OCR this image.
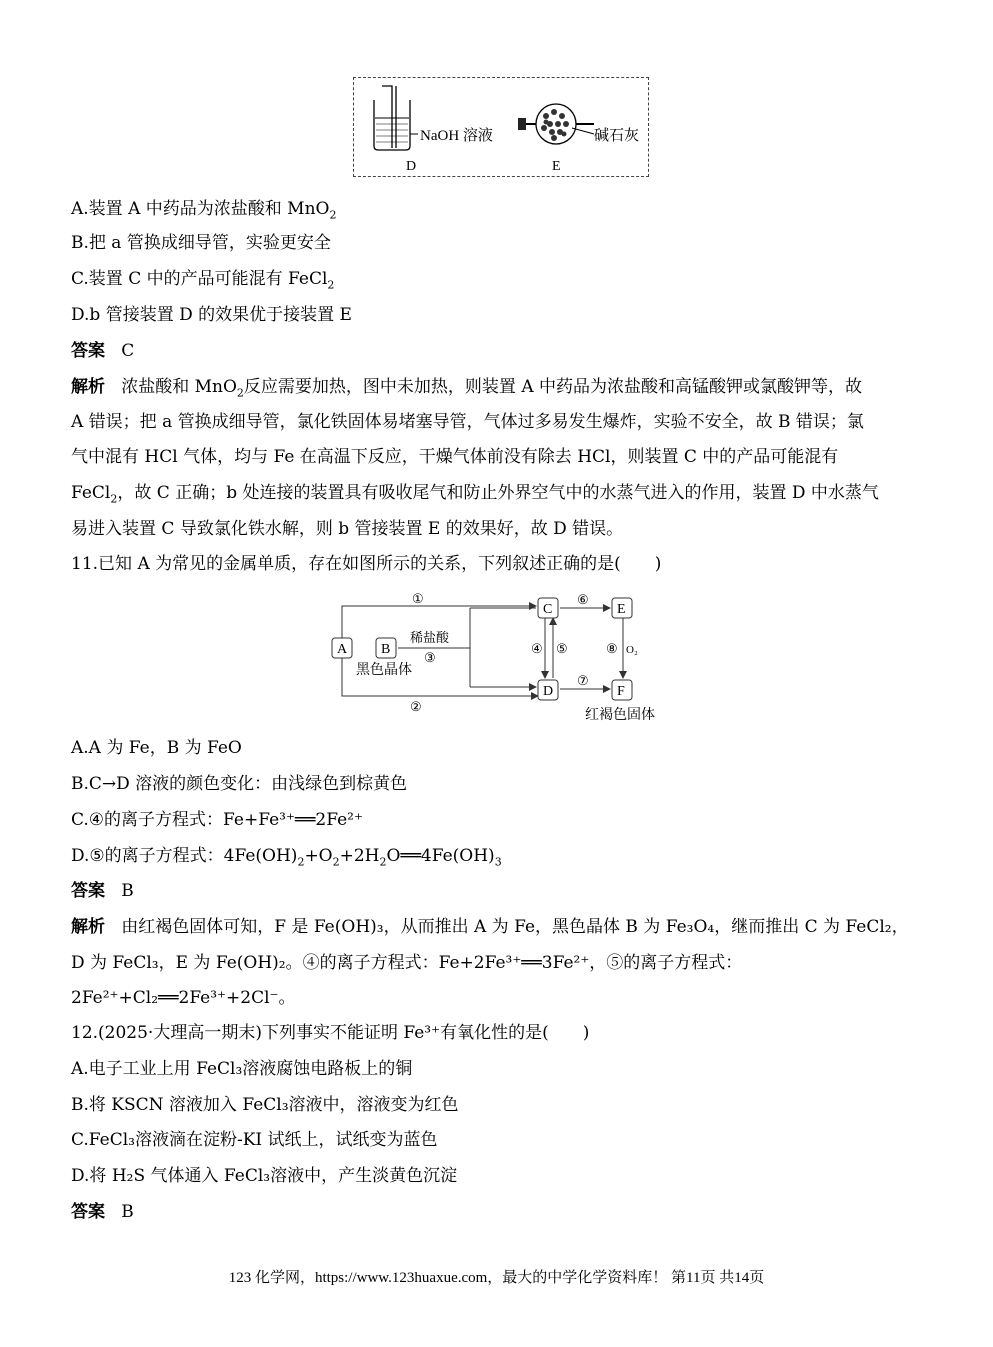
NaOH 溶液
D
碱石灰
E
A.装置 A 中药品为浓盐酸和 MnO$_2$
B.把 a 管换成细导管，实验更安全
C.装置 C 中的产品可能混有 FeCl$_2$
D.b 管接装置 D 的效果优于接装置 E
答案 C
解析 浓盐酸和 MnO$_2$反应需要加热，图中未加热，则装置 A 中药品为浓盐酸和高锰酸钾或氯酸钾等，故
A 错误；把 a 管换成细导管，氯化铁固体易堵塞导管，气体过多易发生爆炸，实验不安全，故 B 错误；氯
气中混有 HCl 气体，均与 Fe 在高温下反应，干燥气体前没有除去 HCl，则装置 C 中的产品可能混有
FeCl$_2$，故 C 正确；b 处连接的装置具有吸收尾气和防止外界空气中的水蒸气进入的作用，装置 D 中水蒸气
易进入装置 C 导致氯化铁水解，则 b 管接装置 E 的效果好，故 D 错误。
11.已知 A 为常见的金属单质，存在如图所示的关系，下列叙述正确的是(　　)
A B
C
D
E
F
稀盐酸
黑色晶体
红褐色固体
O₂
①
②
③
④ ⑤
⑥
⑦
⑧
A.A 为 Fe，B 为 FeO
B.C→D 溶液的颜色变化：由浅绿色到棕黄色
C.④的离子方程式：Fe+Fe³⁺══2Fe²⁺
D.⑤的离子方程式：$4Fe(OH)_2+O_2+2H_2O══4Fe(OH)_3$
答案 B
解析 由红褐色固体可知，F 是 Fe(OH)₃，从而推出 A 为 Fe，黑色晶体 B 为 Fe₃O₄，继而推出 C 为 FeCl₂，
D 为 FeCl₃，E 为 Fe(OH)₂。④的离子方程式：Fe+2Fe³⁺══3Fe²⁺，⑤的离子方程式：
2Fe²⁺+Cl₂══2Fe³⁺+2Cl⁻。
12.(2025·大理高一期末)下列事实不能证明 Fe³⁺有氧化性的是(　　)
A.电子工业上用 FeCl₃溶液腐蚀电路板上的铜
B.将 KSCN 溶液加入 FeCl₃溶液中，溶液变为红色
C.FeCl₃溶液滴在淀粉-KI 试纸上，试纸变为蓝色
D.将 H₂S 气体通入 FeCl₃溶液中，产生淡黄色沉淀
答案 B
123 化学网，https://www.123huaxue.com，最大的中学化学资料库！ 第11页 共14页
